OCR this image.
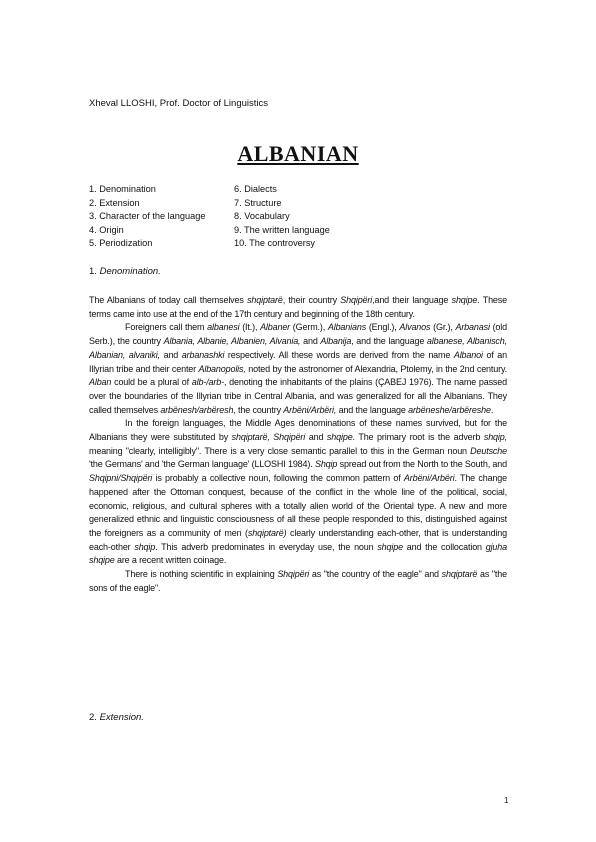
Xheval LLOSHI, Prof. Doctor of Linguistics
ALBANIAN
1. Denomination	6. Dialects
2. Extension	7. Structure
3. Character of the language	8. Vocabulary
4. Origin	9. The written language
5. Periodization	10. The controversy
1. Denomination.

The Albanians of today call themselves shqiptarë, their country Shqipëri,and their language shqipe. These terms came into use at the end of the 17th century and beginning of the 18th century.

Foreigners call them albanesi (It.), Albaner (Germ.), Albanians (Engl.), Alvanos (Gr.), Arbanasi (old Serb.), the country Albania, Albanie, Albanien, Alvania, and Albanija, and the language albanese, Albanisch, Albanian, alvaniki, and arbanashki respectively. All these words are derived from the name Albanoi of an Illyrian tribe and their center Albanopolis, noted by the astronomer of Alexandria, Ptolemy, in the 2nd century. Alban could be a plural of alb-/arb-, denoting the inhabitants of the plains (ÇABEJ 1976). The name passed over the boundaries of the Illyrian tribe in Central Albania, and was generalized for all the Albanians. They called themselves arbënesh/arbëresh, the country Arbëni/Arbëri, and the language arbëneshe/arbëreshe.

In the foreign languages, the Middle Ages denominations of these names survived, but for the Albanians they were substituted by shqiptarë, Shqipëri and shqipe. The primary root is the adverb shqip, meaning "clearly, intelligibly". There is a very close semantic parallel to this in the German noun Deutsche 'the Germans' and 'the German language' (LLOSHI 1984). Shqip spread out from the North to the South, and Shqipni/Shqipëri is probably a collective noun, following the common pattern of Arbëni/Arbëri. The change happened after the Ottoman conquest, because of the conflict in the whole line of the political, social, economic, religious, and cultural spheres with a totally alien world of the Oriental type. A new and more generalized ethnic and linguistic consciousness of all these people responded to this, distinguished against the foreigners as a community of men (shqiptarë) clearly understanding each-other, that is understanding each-other shqip. This adverb predominates in everyday use, the noun shqipe and the collocation gjuha shqipe are a recent written coinage.

There is nothing scientific in explaining Shqipëri as "the country of the eagle" and shqiptarë as "the sons of the eagle".

2. Extension.
1
